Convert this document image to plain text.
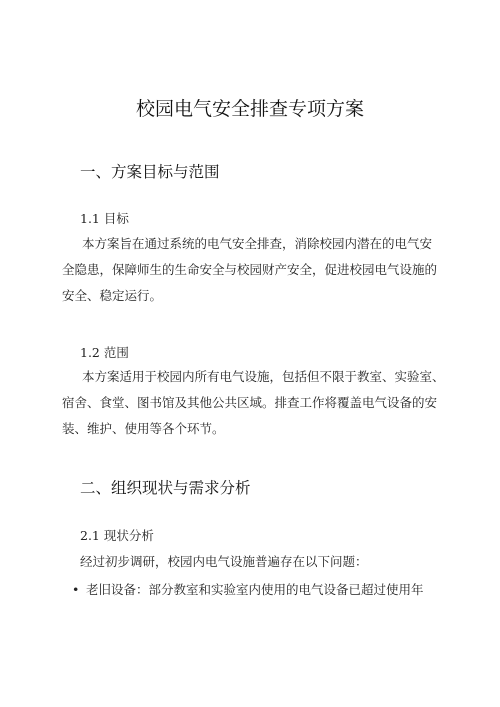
校园电气安全排查专项方案
一、方案目标与范围
1.1 目标
本方案旨在通过系统的电气安全排查，消除校园内潜在的电气安
全隐患，保障师生的生命安全与校园财产安全，促进校园电气设施的
安全、稳定运行。
1.2 范围
本方案适用于校园内所有电气设施，包括但不限于教室、实验室、
宿舍、食堂、图书馆及其他公共区域。排查工作将覆盖电气设备的安
装、维护、使用等各个环节。
二、组织现状与需求分析
2.1 现状分析
经过初步调研，校园内电气设施普遍存在以下问题：
• 老旧设备：部分教室和实验室内使用的电气设备已超过使用年
